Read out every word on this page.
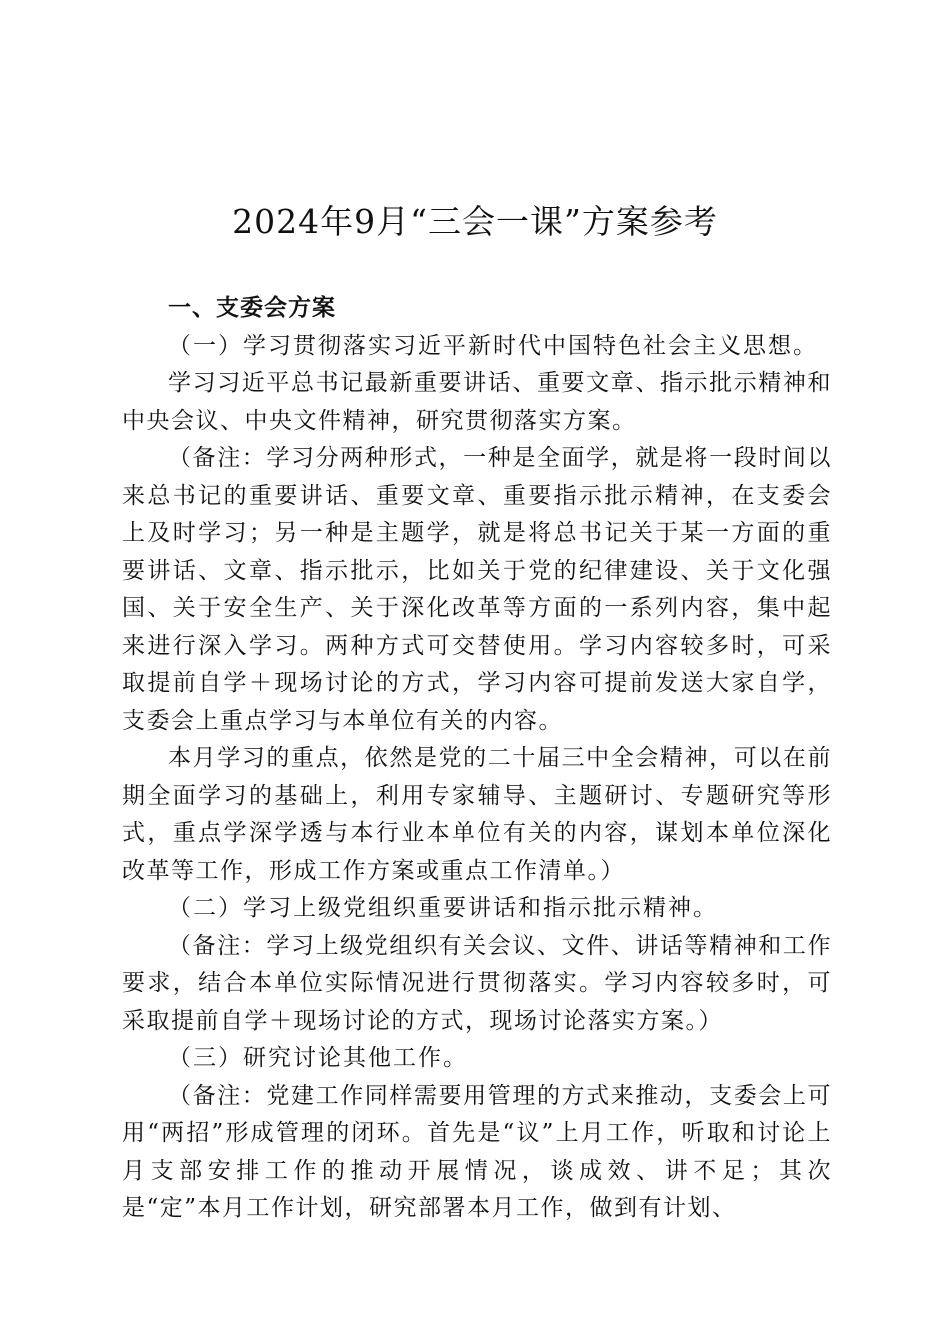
2024年9月“三会一课”方案参考

一、支委会方案

（一）学习贯彻落实习近平新时代中国特色社会主义思想。

学习习近平总书记最新重要讲话、重要文章、指示批示精神和中央会议、中央文件精神，研究贯彻落实方案。

（备注：学习分两种形式，一种是全面学，就是将一段时间以来总书记的重要讲话、重要文章、重要指示批示精神，在支委会上及时学习；另一种是主题学，就是将总书记关于某一方面的重要讲话、文章、指示批示，比如关于党的纪律建设、关于文化强国、关于安全生产、关于深化改革等方面的一系列内容，集中起来进行深入学习。两种方式可交替使用。学习内容较多时，可采取提前自学＋现场讨论的方式，学习内容可提前发送大家自学，支委会上重点学习与本单位有关的内容。

本月学习的重点，依然是党的二十届三中全会精神，可以在前期全面学习的基础上，利用专家辅导、主题研讨、专题研究等形式，重点学深学透与本行业本单位有关的内容，谋划本单位深化改革等工作，形成工作方案或重点工作清单。）

（二）学习上级党组织重要讲话和指示批示精神。

（备注：学习上级党组织有关会议、文件、讲话等精神和工作要求，结合本单位实际情况进行贯彻落实。学习内容较多时，可采取提前自学＋现场讨论的方式，现场讨论落实方案。）

（三）研究讨论其他工作。

（备注：党建工作同样需要用管理的方式来推动，支委会上可用“两招”形成管理的闭环。首先是“议”上月工作，听取和讨论上月支部安排工作的推动开展情况，谈成效、讲不足；其次是“定”本月工作计划，研究部署本月工作，做到有计划、
